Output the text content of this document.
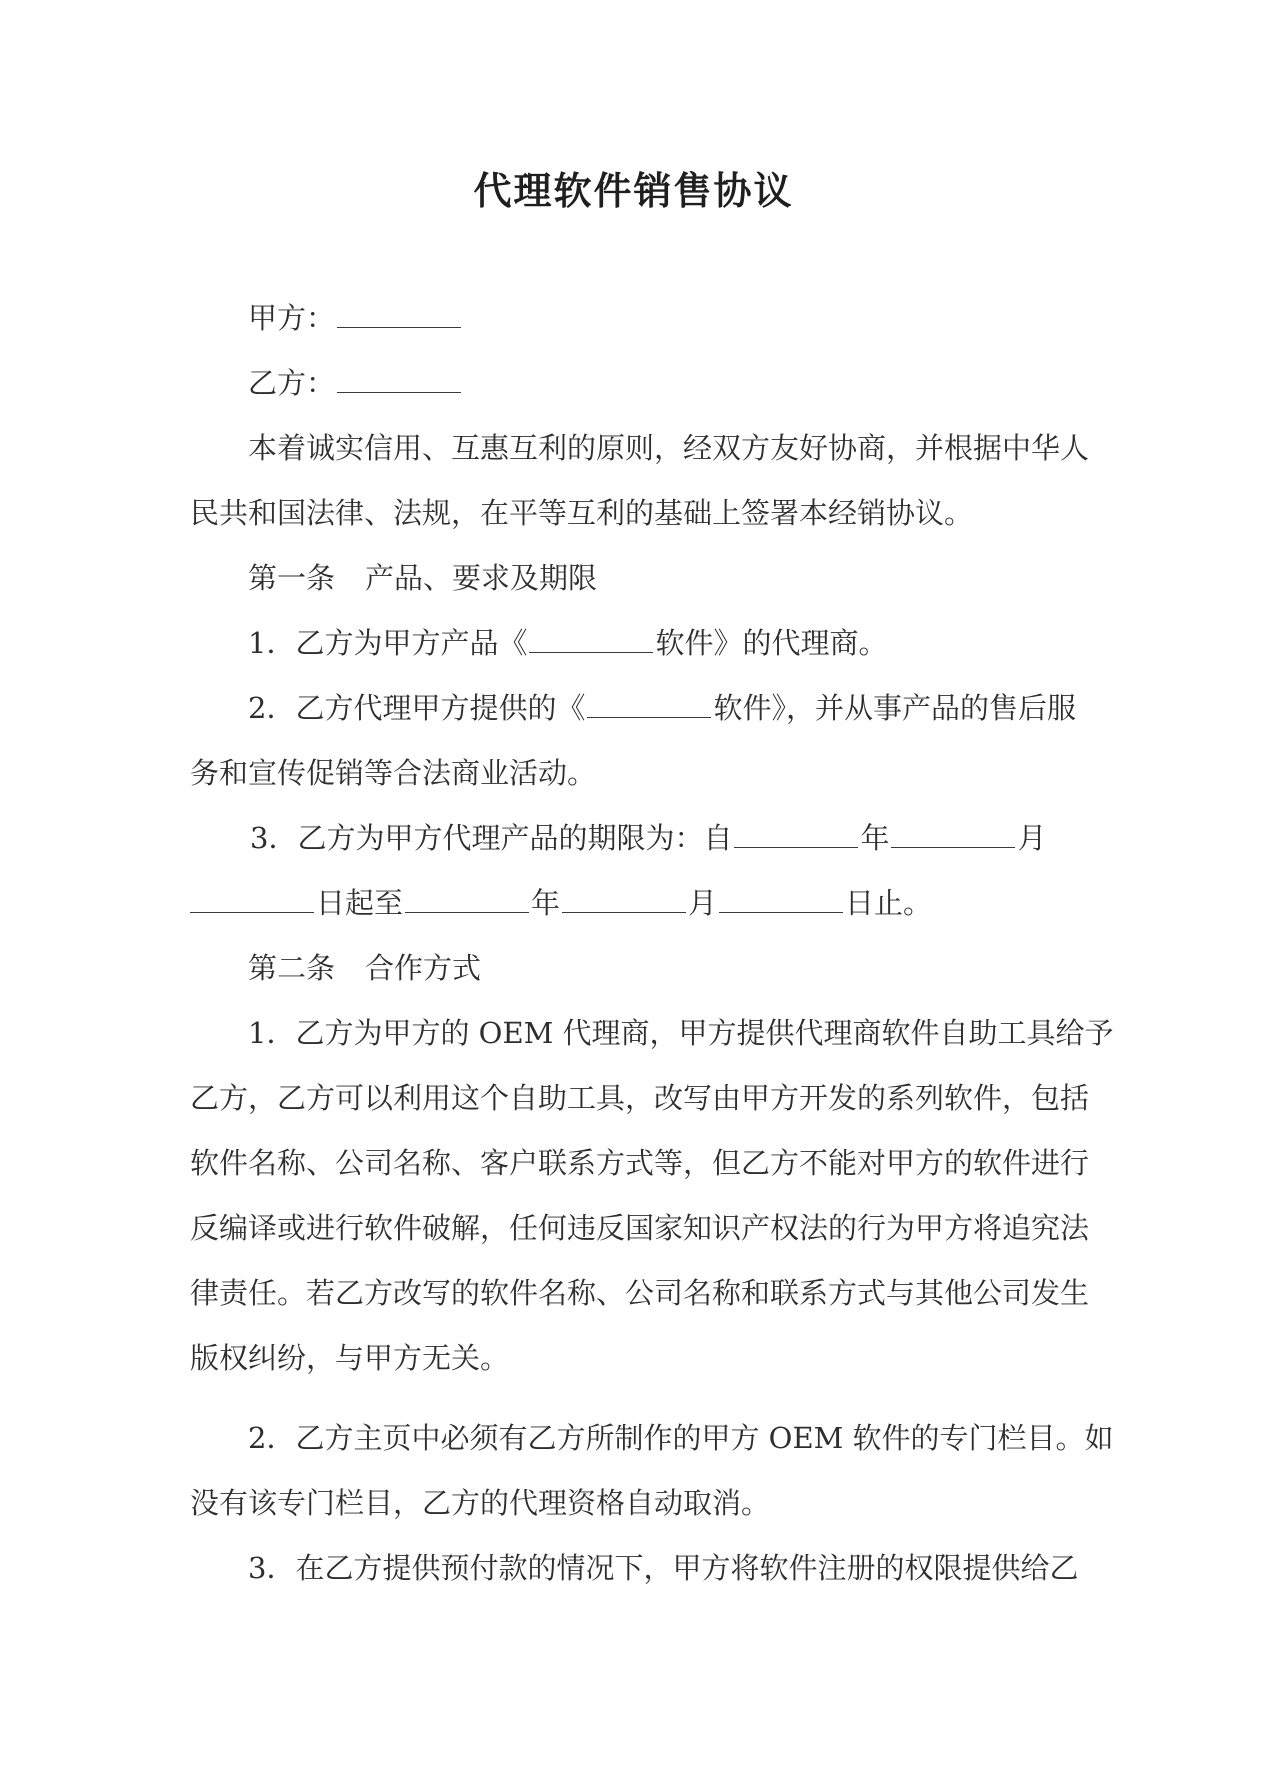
代理软件销售协议
甲方：
乙方：
本着诚实信用、互惠互利的原则，经双方友好协商，并根据中华人
民共和国法律、法规，在平等互利的基础上签署本经销协议。
第一条 产品、要求及期限
1．乙方为甲方产品《	软件》的代理商。
2．乙方代理甲方提供的《	软件》，并从事产品的售后服
务和宣传促销等合法商业活动。
3．乙方为甲方代理产品的期限为：自	年	月
日起至	年	月	日止。
第二条 合作方式
1．乙方为甲方的 OEM 代理商，甲方提供代理商软件自助工具给予
乙方，乙方可以利用这个自助工具，改写由甲方开发的系列软件，包括
软件名称、公司名称、客户联系方式等，但乙方不能对甲方的软件进行
反编译或进行软件破解，任何违反国家知识产权法的行为甲方将追究法
律责任。若乙方改写的软件名称、公司名称和联系方式与其他公司发生
版权纠纷，与甲方无关。
2．乙方主页中必须有乙方所制作的甲方 OEM 软件的专门栏目。如
没有该专门栏目，乙方的代理资格自动取消。
3．在乙方提供预付款的情况下，甲方将软件注册的权限提供给乙
